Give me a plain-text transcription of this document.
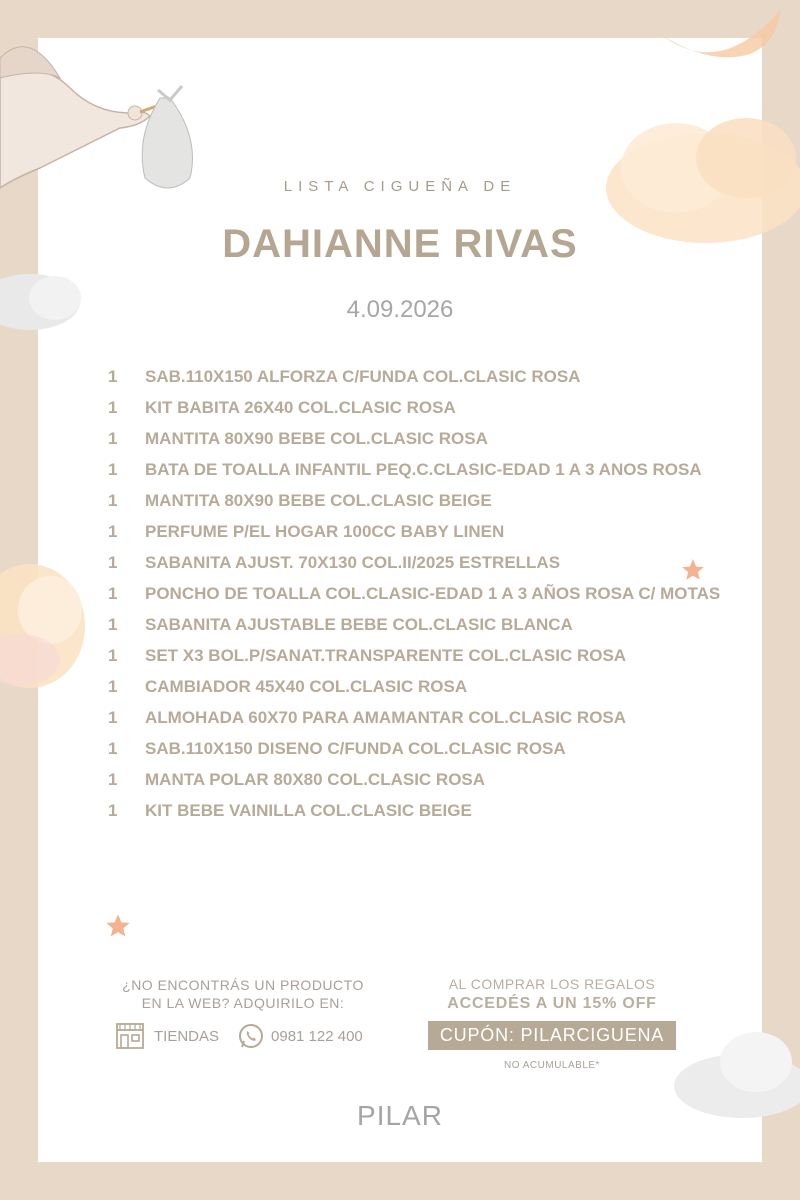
LISTA CIGUEÑA DE
DAHIANNE RIVAS
4.09.2026
1	SAB.110X150 ALFORZA C/FUNDA COL.CLASIC ROSA
1	KIT BABITA 26X40 COL.CLASIC ROSA
1	MANTITA 80X90 BEBE COL.CLASIC ROSA
1	BATA DE TOALLA INFANTIL PEQ.C.CLASIC-EDAD 1 A 3 ANOS ROSA
1	MANTITA 80X90 BEBE COL.CLASIC BEIGE
1	PERFUME P/EL HOGAR 100CC BABY LINEN
1	SABANITA AJUST. 70X130 COL.II/2025 ESTRELLAS
1	PONCHO DE TOALLA COL.CLASIC-EDAD 1 A 3 AÑOS ROSA C/ MOTAS
1	SABANITA AJUSTABLE BEBE COL.CLASIC BLANCA
1	SET X3 BOL.P/SANAT.TRANSPARENTE COL.CLASIC ROSA
1	CAMBIADOR 45X40 COL.CLASIC ROSA
1	ALMOHADA 60X70 PARA AMAMANTAR COL.CLASIC ROSA
1	SAB.110X150 DISENO C/FUNDA COL.CLASIC ROSA
1	MANTA POLAR 80X80 COL.CLASIC ROSA
1	KIT BEBE VAINILLA COL.CLASIC BEIGE
¿NO ENCONTRÁS UN PRODUCTO
EN LA WEB? ADQUIRILO EN:
TIENDAS	0981 122 400
AL COMPRAR LOS REGALOS
ACCEDÉS A UN 15% OFF
CUPÓN: PILARCIGUENA
NO ACUMULABLE*
PILAR
